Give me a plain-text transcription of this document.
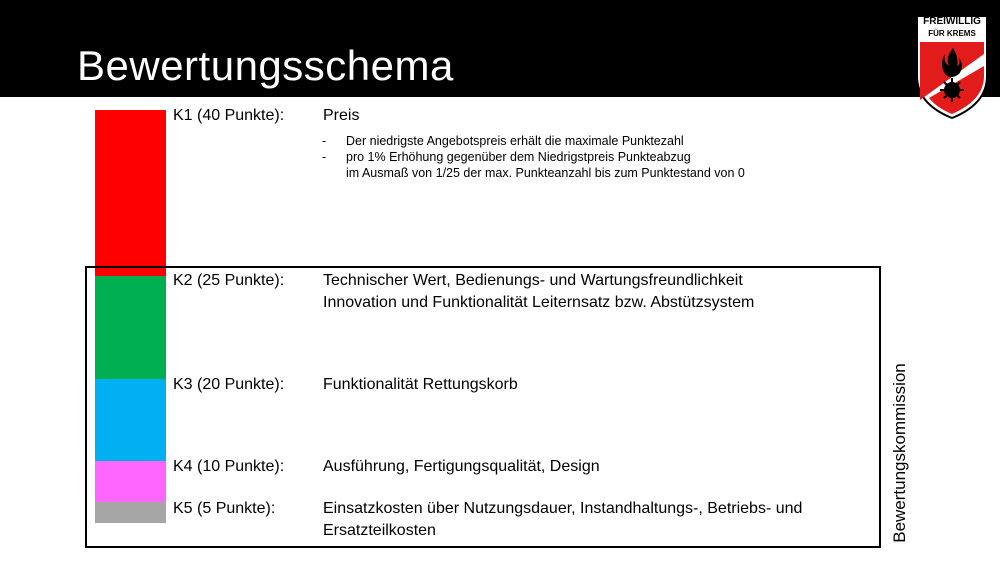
Bewertungsschema
FREIWILLIG
FÜR KREMS
K1 (40 Punkte): Preis
- Der niedrigste Angebotspreis erhält die maximale Punktezahl
- pro 1% Erhöhung gegenüber dem Niedrigstpreis Punkteabzug
im Ausmaß von 1/25 der max. Punkteanzahl bis zum Punktestand von 0
K2 (25 Punkte): Technischer Wert, Bedienungs- und Wartungsfreundlichkeit
Innovation und Funktionalität Leiternsatz bzw. Abstützsystem
K3 (20 Punkte): Funktionalität Rettungskorb
K4 (10 Punkte): Ausführung, Fertigungsqualität, Design
K5 (5 Punkte):	Einsatzkosten über Nutzungsdauer, Instandhaltungs-, Betriebs- und
Ersatzteilkosten	Bewertungskommission
